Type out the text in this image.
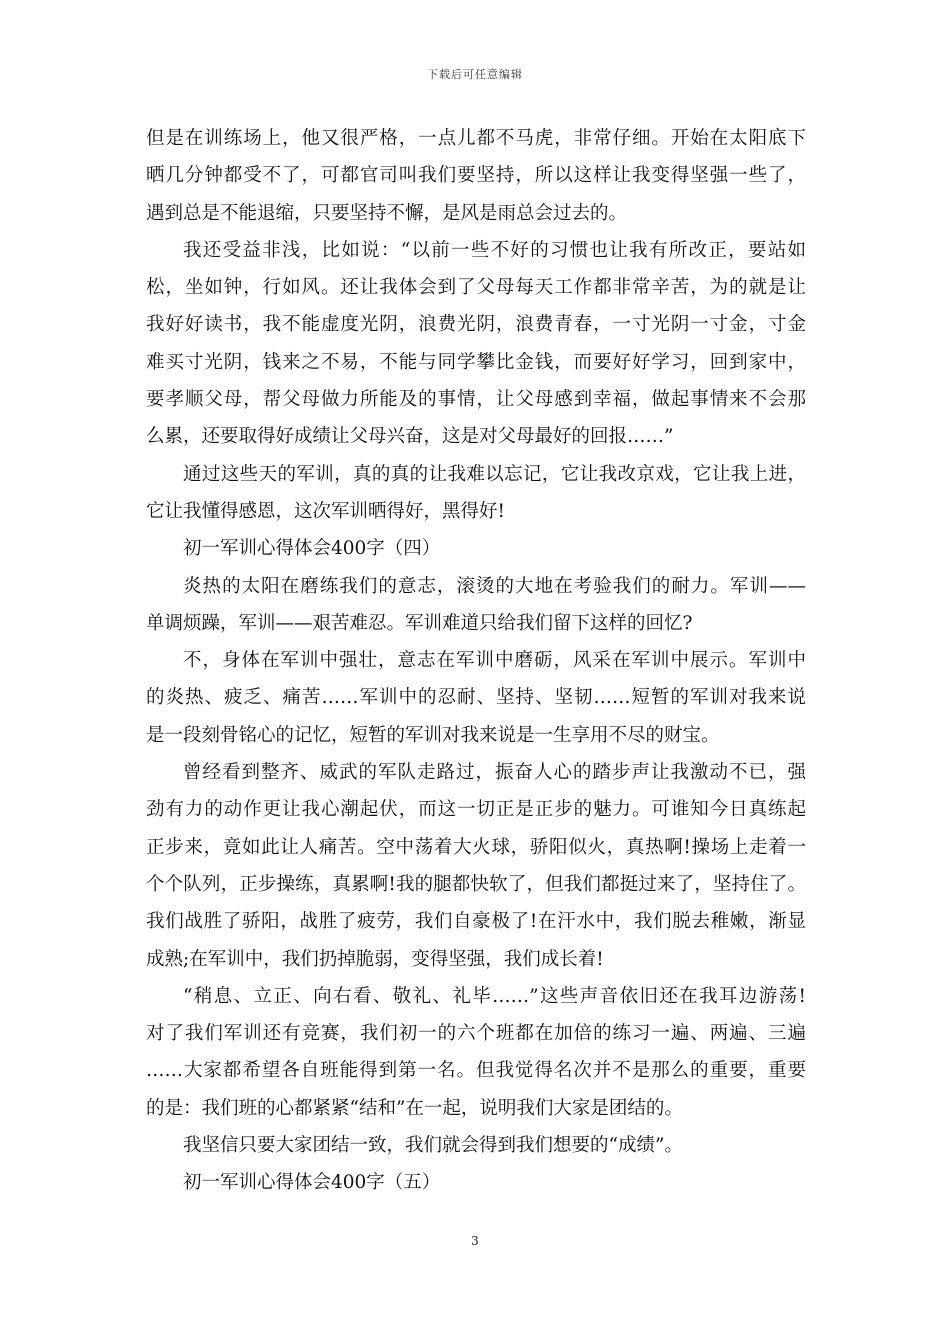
下载后可任意编辑
但是在训练场上，他又很严格，一点儿都不马虎，非常仔细。开始在太阳底下
晒几分钟都受不了，可都官司叫我们要坚持，所以这样让我变得坚强一些了，
遇到总是不能退缩，只要坚持不懈，是风是雨总会过去的。
我还受益非浅，比如说：“以前一些不好的习惯也让我有所改正，要站如
松，坐如钟，行如风。还让我体会到了父母每天工作都非常辛苦，为的就是让
我好好读书，我不能虚度光阴，浪费光阴，浪费青春，一寸光阴一寸金，寸金
难买寸光阴，钱来之不易，不能与同学攀比金钱，而要好好学习，回到家中，
要孝顺父母，帮父母做力所能及的事情，让父母感到幸福，做起事情来不会那
么累，还要取得好成绩让父母兴奋，这是对父母最好的回报……”
通过这些天的军训，真的真的让我难以忘记，它让我改京戏，它让我上进，
它让我懂得感恩，这次军训晒得好，黑得好!
初一军训心得体会400字（四）
炎热的太阳在磨练我们的意志，滚烫的大地在考验我们的耐力。军训——
单调烦躁，军训——艰苦难忍。军训难道只给我们留下这样的回忆?
不，身体在军训中强壮，意志在军训中磨砺，风采在军训中展示。军训中
的炎热、疲乏、痛苦……军训中的忍耐、坚持、坚韧……短暂的军训对我来说
是一段刻骨铭心的记忆，短暂的军训对我来说是一生享用不尽的财宝。
曾经看到整齐、威武的军队走路过，振奋人心的踏步声让我激动不已，强
劲有力的动作更让我心潮起伏，而这一切正是正步的魅力。可谁知今日真练起
正步来，竟如此让人痛苦。空中荡着大火球，骄阳似火，真热啊!操场上走着一
个个队列，正步操练，真累啊!我的腿都快软了，但我们都挺过来了，坚持住了。
我们战胜了骄阳，战胜了疲劳，我们自豪极了!在汗水中，我们脱去稚嫩，渐显
成熟;在军训中，我们扔掉脆弱，变得坚强，我们成长着!
“稍息、立正、向右看、敬礼、礼毕……”这些声音依旧还在我耳边游荡!
对了我们军训还有竞赛，我们初一的六个班都在加倍的练习一遍、两遍、三遍
……大家都希望各自班能得到第一名。但我觉得名次并不是那么的重要，重要
的是：我们班的心都紧紧“结和”在一起，说明我们大家是团结的。
我坚信只要大家团结一致，我们就会得到我们想要的“成绩”。
初一军训心得体会400字（五）
3
